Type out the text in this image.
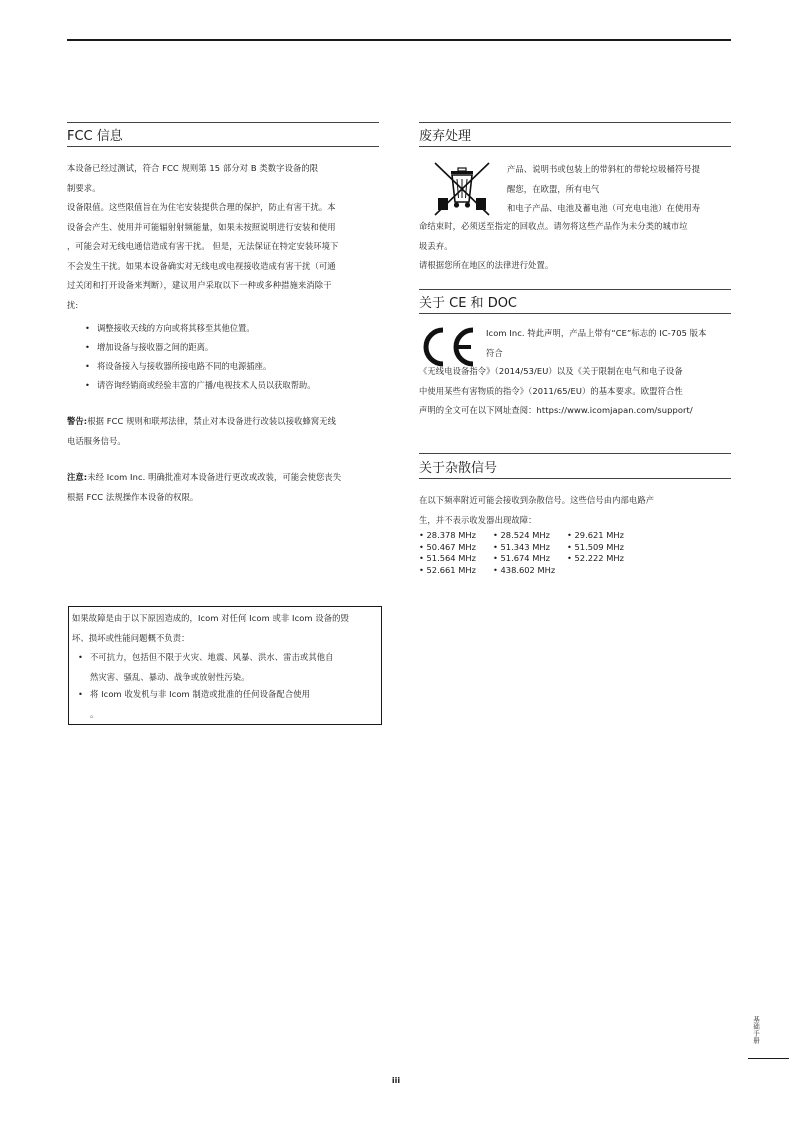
FCC 信息
本设备已经过测试，符合 FCC 规则第 15 部分对 B 类数字设备的限
制要求。
设备限值。这些限值旨在为住宅安装提供合理的保护，防止有害干扰。本
设备会产生、使用并可能辐射射频能量，如果未按照说明进行安装和使用
，可能会对无线电通信造成有害干扰。 但是，无法保证在特定安装环境下
不会发生干扰。如果本设备确实对无线电或电视接收造成有害干扰（可通
过关闭和打开设备来判断），建议用户采取以下一种或多种措施来消除干
扰:
• 调整接收天线的方向或将其移至其他位置。
• 增加设备与接收器之间的距离。
• 将设备接入与接收器所接电路不同的电源插座。
• 请咨询经销商或经验丰富的广播/电视技术人员以获取帮助。
警告:根据 FCC 规则和联邦法律，禁止对本设备进行改装以接收蜂窝无线
电话服务信号。
注意:未经 Icom Inc. 明确批准对本设备进行更改或改装，可能会使您丧失
根据 FCC 法规操作本设备的权限。
如果故障是由于以下原因造成的，Icom 对任何 Icom 或非 Icom 设备的毁
坏、损坏或性能问题概不负责：
• 不可抗力，包括但不限于火灾、地震、风暴、洪水、雷击或其他自
然灾害、骚乱、暴动、战争或放射性污染。
• 将 Icom 收发机与非 Icom 制造或批准的任何设备配合使用
。
废弃处理
产品、说明书或包装上的带斜杠的带轮垃圾桶符号提
醒您，在欧盟，所有电气
和电子产品、电池及蓄电池（可充电电池）在使用寿
命结束时，必须送至指定的回收点。请勿将这些产品作为未分类的城市垃
圾丢弃。
请根据您所在地区的法律进行处置。
关于 CE 和 DOC
Icom Inc. 特此声明，产品上带有“CE”标志的 IC-705 版本
符合
《无线电设备指令》（2014/53/EU）以及《关于限制在电气和电子设备
中使用某些有害物质的指令》（2011/65/EU）的基本要求。欧盟符合性
声明的全文可在以下网址查阅：https://www.icomjapan.com/support/
关于杂散信号
在以下频率附近可能会接收到杂散信号。这些信号由内部电路产
生，并不表示收发器出现故障：
• 28.378 MHz	• 28.524 MHz	• 29.621 MHz
• 50.467 MHz	• 51.343 MHz	• 51.509 MHz
• 51.564 MHz	• 51.674 MHz	• 52.222 MHz
• 52.661 MHz	• 438.602 MHz
iii
基础手册
